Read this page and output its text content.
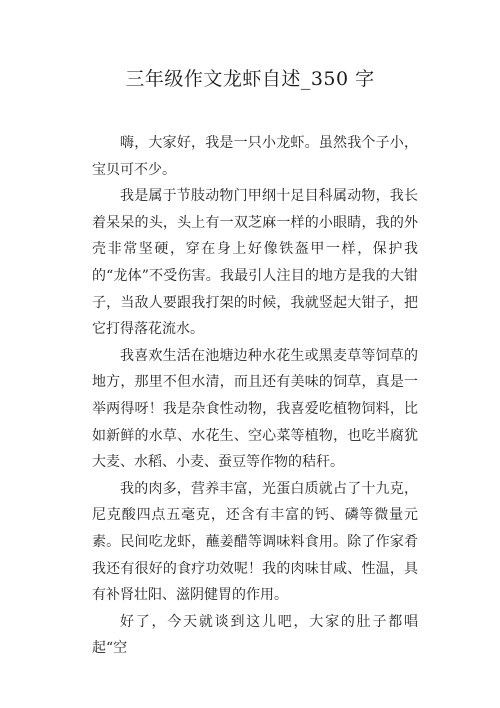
三年级作文龙虾自述_350 字

嗨，大家好，我是一只小龙虾。虽然我个子小，宝贝可不少。

我是属于节肢动物门甲纲十足目科属动物，我长着呆呆的头，头上有一双芝麻一样的小眼睛，我的外壳非常坚硬，穿在身上好像铁盔甲一样，保护我的“龙体”不受伤害。我最引人注目的地方是我的大钳子，当敌人要跟我打架的时候，我就竖起大钳子，把它打得落花流水。

我喜欢生活在池塘边种水花生或黑麦草等饲草的地方，那里不但水清，而且还有美味的饲草，真是一举两得呀！我是杂食性动物，我喜爱吃植物饲料，比如新鲜的水草、水花生、空心菜等植物，也吃半腐犹大麦、水稻、小麦、蚕豆等作物的秸秆。

我的肉多，营养丰富，光蛋白质就占了十九克，尼克酸四点五毫克，还含有丰富的钙、磷等微量元素。民间吃龙虾，蘸姜醋等调味料食用。除了作家肴我还有很好的食疗功效呢！我的肉味甘咸、性温，具有补肾壮阳、滋阴健胃的作用。

好了，今天就谈到这儿吧，大家的肚子都唱起“空
